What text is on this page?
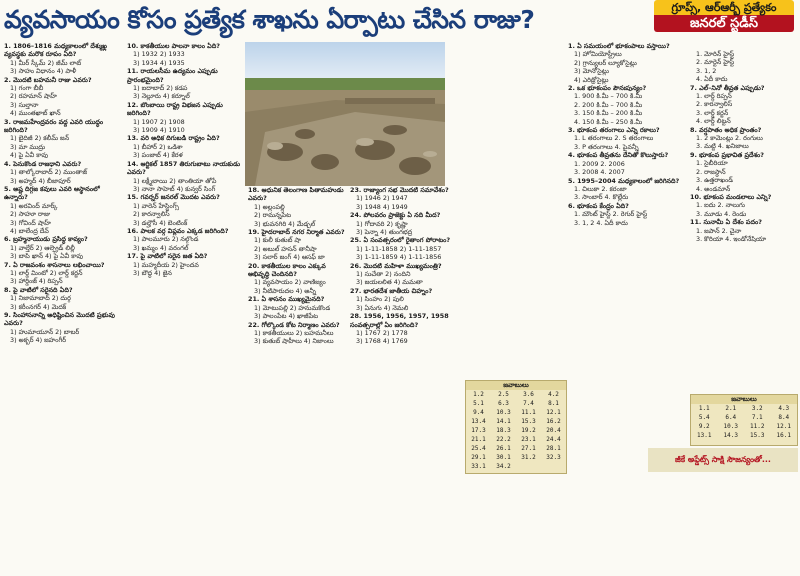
వ్యవసాయం కోసం ప్రత్యేక శాఖను ఏర్పాటు చేసిన రాజు?	గ్రూప్స్, ఆర్ఆర్బీ ప్రత్యేకం
జనరల్ స్టడీస్

1. 1806–1816 మధ్యకాలంలో దేశ్ముఖ్ల వ్యవస్థకు మరొక రూపం ఏది?

1) మీర్ స్కీమ్ 2) జీమ్ లాట్

3) సాహు విధానం 4) పాళీ

2. మొదటి బహమనీ రాజు ఎవరు?

1) గంగా బీబీ

2) రహమాన్ షాహ్

3) సుల్తానా

4) ముంతఖాబ్ ఖాన్

3. రాజమహేంద్రవరం వద్ద ఎవరి యుద్ధం జరిగింది?

1) బైదిజీ 2) కలీమ్ జన్

3) మా ముద్రు

4) పై ఏవీ కావు

4. పెనుకొండ రాజధాని ఎవరు?

1) తాల్కోరాబాద్ 2) ముంతాజ్

3) అహ్మద్ 4) బీజాపూర్

5. అష్ట దిగ్గజ కవులు ఎవరి ఆస్థానంలో ఉన్నారు?

1) అరవింద్ మార్క్

2) సాహూ రాజు

3) గోవింద్ షాహ్

4) బాలేంద్ర దేవ్

6. బ్రహ్మనాయుడు ప్రసిద్ధ కావ్యం?

1) వాల్తేర్ 2) ఆల్ఫ్రెడ్ లిల్లీ

3) బాపి ఖాన్ 4) పై ఏవీ కావు

7. ఏ రాజవంశం శాసనాలు లభించాయి?

1) లార్డ్ మింటో 2) లార్డ్ కర్జన్

3) హార్డింజ్ 4) రిప్పన్

8. పై వాటిలో సరైనది ఏది?

1) నిజామాబాద్ 2) దుర్గ

3) కరీంనగర్ 4) మెదక్

9. సింహాసనాన్ని అధిష్టించిన మొదటి ప్రభువు ఎవరు?

1) హుమాయూన్ 2) బాబర్

3) అక్బర్ 4) జహంగీర్

10. కాకతీయుల పాలనా కాలం ఏది?

1) 1932 2) 1933

3) 1934 4) 1935

11. రాయలసీమ ఉద్యమం ఎప్పుడు ప్రారంభమైంది?

1) ఐదాబాద్ 2) కడప

3) నెల్లూరు 4) కర్నూల్

12. బొంబాయి రాష్ట్ర విభజన ఎప్పుడు జరిగింది?

1) 1907 2) 1908

3) 1909 4) 1910

13. వరి అధిక దిగుబడి రాష్ట్రం ఏది?

1) బీహార్ 2) ఒడిశా

3) పంజాబ్ 4) కేరళ

14. ఆర్టికల్ 1857 తిరుగుబాటు నాయకుడు ఎవరు?

1) లక్ష్మీబాయి 2) తాంతియా తోపే

3) నానా సాహెబ్ 4) కున్వర్ సింగ్

15. గవర్నర్ జనరల్ మొదట ఎవరు?

1) వారెన్ హేస్టింగ్స్

2) కారన్వాలిస్

3) డల్హౌసీ 4) బెంటింక్

16. పాలక వర్గ విప్లవం ఎక్కడ జరిగింది?

1) పాలమూరు 2) నల్గొండ

3) ఖమ్మం 4) వరంగల్

17. పై వాటిలో సరైన జత ఏది?

1) మహ్మదీయ 2) హైందవ

3) బౌద్ధ 4) జైన

18. ఆధునిక తెలంగాణ పితామహుడు ఎవరు?

1) అల్లంపల్లి

2) రామన్నపేట

3) భువనగిరి 4) మేడ్చల్

19. హైదరాబాద్ నగర నిర్మాత ఎవరు?

1) కులీ కుతుబ్ షా

2) అబుల్ హసన్ తానీషా

3) సలార్ జంగ్ 4) ఆసఫ్ జా

20. కాకతీయుల కాలం ఎక్కువ అభివృద్ధి చెందినది?

1) వ్యవసాయం 2) వాణిజ్యం

3) నీటిపారుదల 4) అన్నీ

21. ఏ శాసనం ముఖ్యమైనది?

1) మోటుపల్లి 2) హనుమకొండ

3) పాలంపేట 4) ఖాజీపేట

22. గోల్కొండ కోట నిర్మాణం ఎవరు?

1) కాకతీయులు 2) బహమనీలు

3) కుతుబ్ షాహీలు 4) నిజాంలు

23. రాజ్యాంగ సభ మొదటి సమావేశం?

1) 1946 2) 1947

3) 1948 4) 1949

24. పోలవరం ప్రాజెక్టు ఏ నది మీద?

1) గోదావరి 2) కృష్ణా

3) పెన్నా 4) తుంగభద్ర

25. ఏ సంవత్సరంలో రైతాంగ పోరాటం?

1) 1-11-1858 2) 1-11-1857

3) 1-11-1859 4) 1-11-1856

26. మొదటి మహిళా ముఖ్యమంత్రి?

1) సుచేతా 2) నందిని

3) జయలలిత 4) మమతా

27. భారతదేశ జాతీయ చిహ్నం?

1) సింహం 2) పులి

3) ఏనుగు 4) నెమలి

28. 1956, 1956, 1957, 1958 సంవత్సరాల్లో ఏం జరిగింది?

1) 1767 2) 1778

3) 1768 4) 1769

జవాబులు
1.2	2.5	3.6	4.2
5.1	6.3	7.4	8.1
9.4	10.3	11.1	12.1
13.4	14.1	15.3	16.2
17.3	18.3	19.2	20.4
21.1	22.2	23.1	24.4
25.4	26.1	27.1	28.1
29.1	30.1	31.2	32.3
33.1	34.2		

1. ఏ సమయంలో భూకంపాలు వస్తాయి?

1) హోమియోస్ట్రీలు

2) గ్రాన్యులర్ ల్యూకోసైట్లు

3) మోనోసైట్లు

4) ఎరిథ్రోసైట్లు

2. ఒక భూకంపం పౌనఃపున్యం?

1. 900 కి.మీ – 700 కి.మీ

2. 200 కి.మీ – 700 కి.మీ

3. 150 కి.మీ – 200 కి.మీ

4. 150 కి.మీ – 250 కి.మీ

3. భూకంప తరంగాలు ఎన్ని రకాలు?

1. L తరంగాలు 2. S తరంగాలు

3. P తరంగాలు 4. పైవన్నీ

4. భూకంప తీవ్రతను దేనితో కొలుస్తారు?

1. 2009 2. 2006

3. 2008 4. 2007

5. 1995–2004 మధ్యకాలంలో జరిగినది?

1. చిలుకా 2. కరంజా

3. సాంబార్ 4. కొల్లేరు

6. భూకంప కేంద్రం ఏది?

1. మౌంట్ హైస్ట్ 2. రెగుర్ హైస్ట్

3. 1, 2 4. ఏదీ కాదు

1. మోరిన్ హైస్ట్

2. మార్టెన్ హైస్ట్

3. 1, 2

4. ఏదీ కాదు

7. ఎల్–నినో తీవ్రత ఎప్పుడు?

1. లార్డ్ రిప్పన్

2. కారన్వాలిస్

3. లార్డ్ కర్జన్

4. లార్డ్ లిట్టన్

8. వర్షపాతం అధిక ప్రాంతం?

1. 2 కామెంట్లు 2. రంగులు

3. మట్టి 4. ఖనిజాలు

9. భూకంప ప్రభావిత ప్రదేశం?

1. సైబీరియా

2. రాజస్థాన్

3. ఉత్తరాఖండ్

4. అండమాన్

10. భూకంప మండలాలు ఎన్ని?

1. ఐదు 2. నాలుగు

3. మూడు 4. రెండు

11. సునామీ ఏ దేశం పదం?

1. జపాన్ 2. చైనా

3. కొరియా 4. ఇండోనేషియా

జవాబులు
1.1	2.1	3.2	4.3
5.4	6.4	7.1	8.4
9.2	10.3	11.2	12.1
13.1	14.3	15.3	16.1
జీకే అప్డేట్స్ సాక్షి సౌజన్యంతో...
